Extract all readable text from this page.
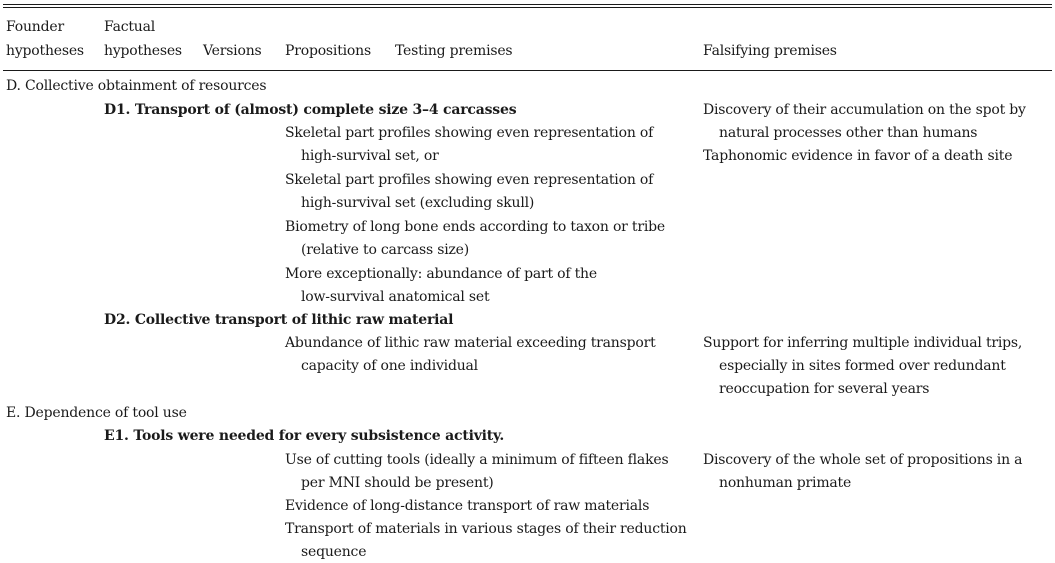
Founder
hypotheses
Factual
hypotheses Versions Propositions Testing premises	Falsifying premises
D. Collective obtainment of resources
D1. Transport of (almost) complete size 3–4 carcasses
Skeletal part profiles showing even representation of
high-survival set, or
Skeletal part profiles showing even representation of
high-survival set (excluding skull)
Biometry of long bone ends according to taxon or tribe
(relative to carcass size)
More exceptionally: abundance of part of the
low-survival anatomical set
Discovery of their accumulation on the spot by
natural processes other than humans
Taphonomic evidence in favor of a death site
D2. Collective transport of lithic raw material
Abundance of lithic raw material exceeding transport
capacity of one individual
Support for inferring multiple individual trips,
especially in sites formed over redundant
reoccupation for several years
E. Dependence of tool use
E1. Tools were needed for every subsistence activity.
Use of cutting tools (ideally a minimum of fifteen flakes
per MNI should be present)
Evidence of long-distance transport of raw materials
Transport of materials in various stages of their reduction
sequence
Discovery of the whole set of propositions in a
nonhuman primate
